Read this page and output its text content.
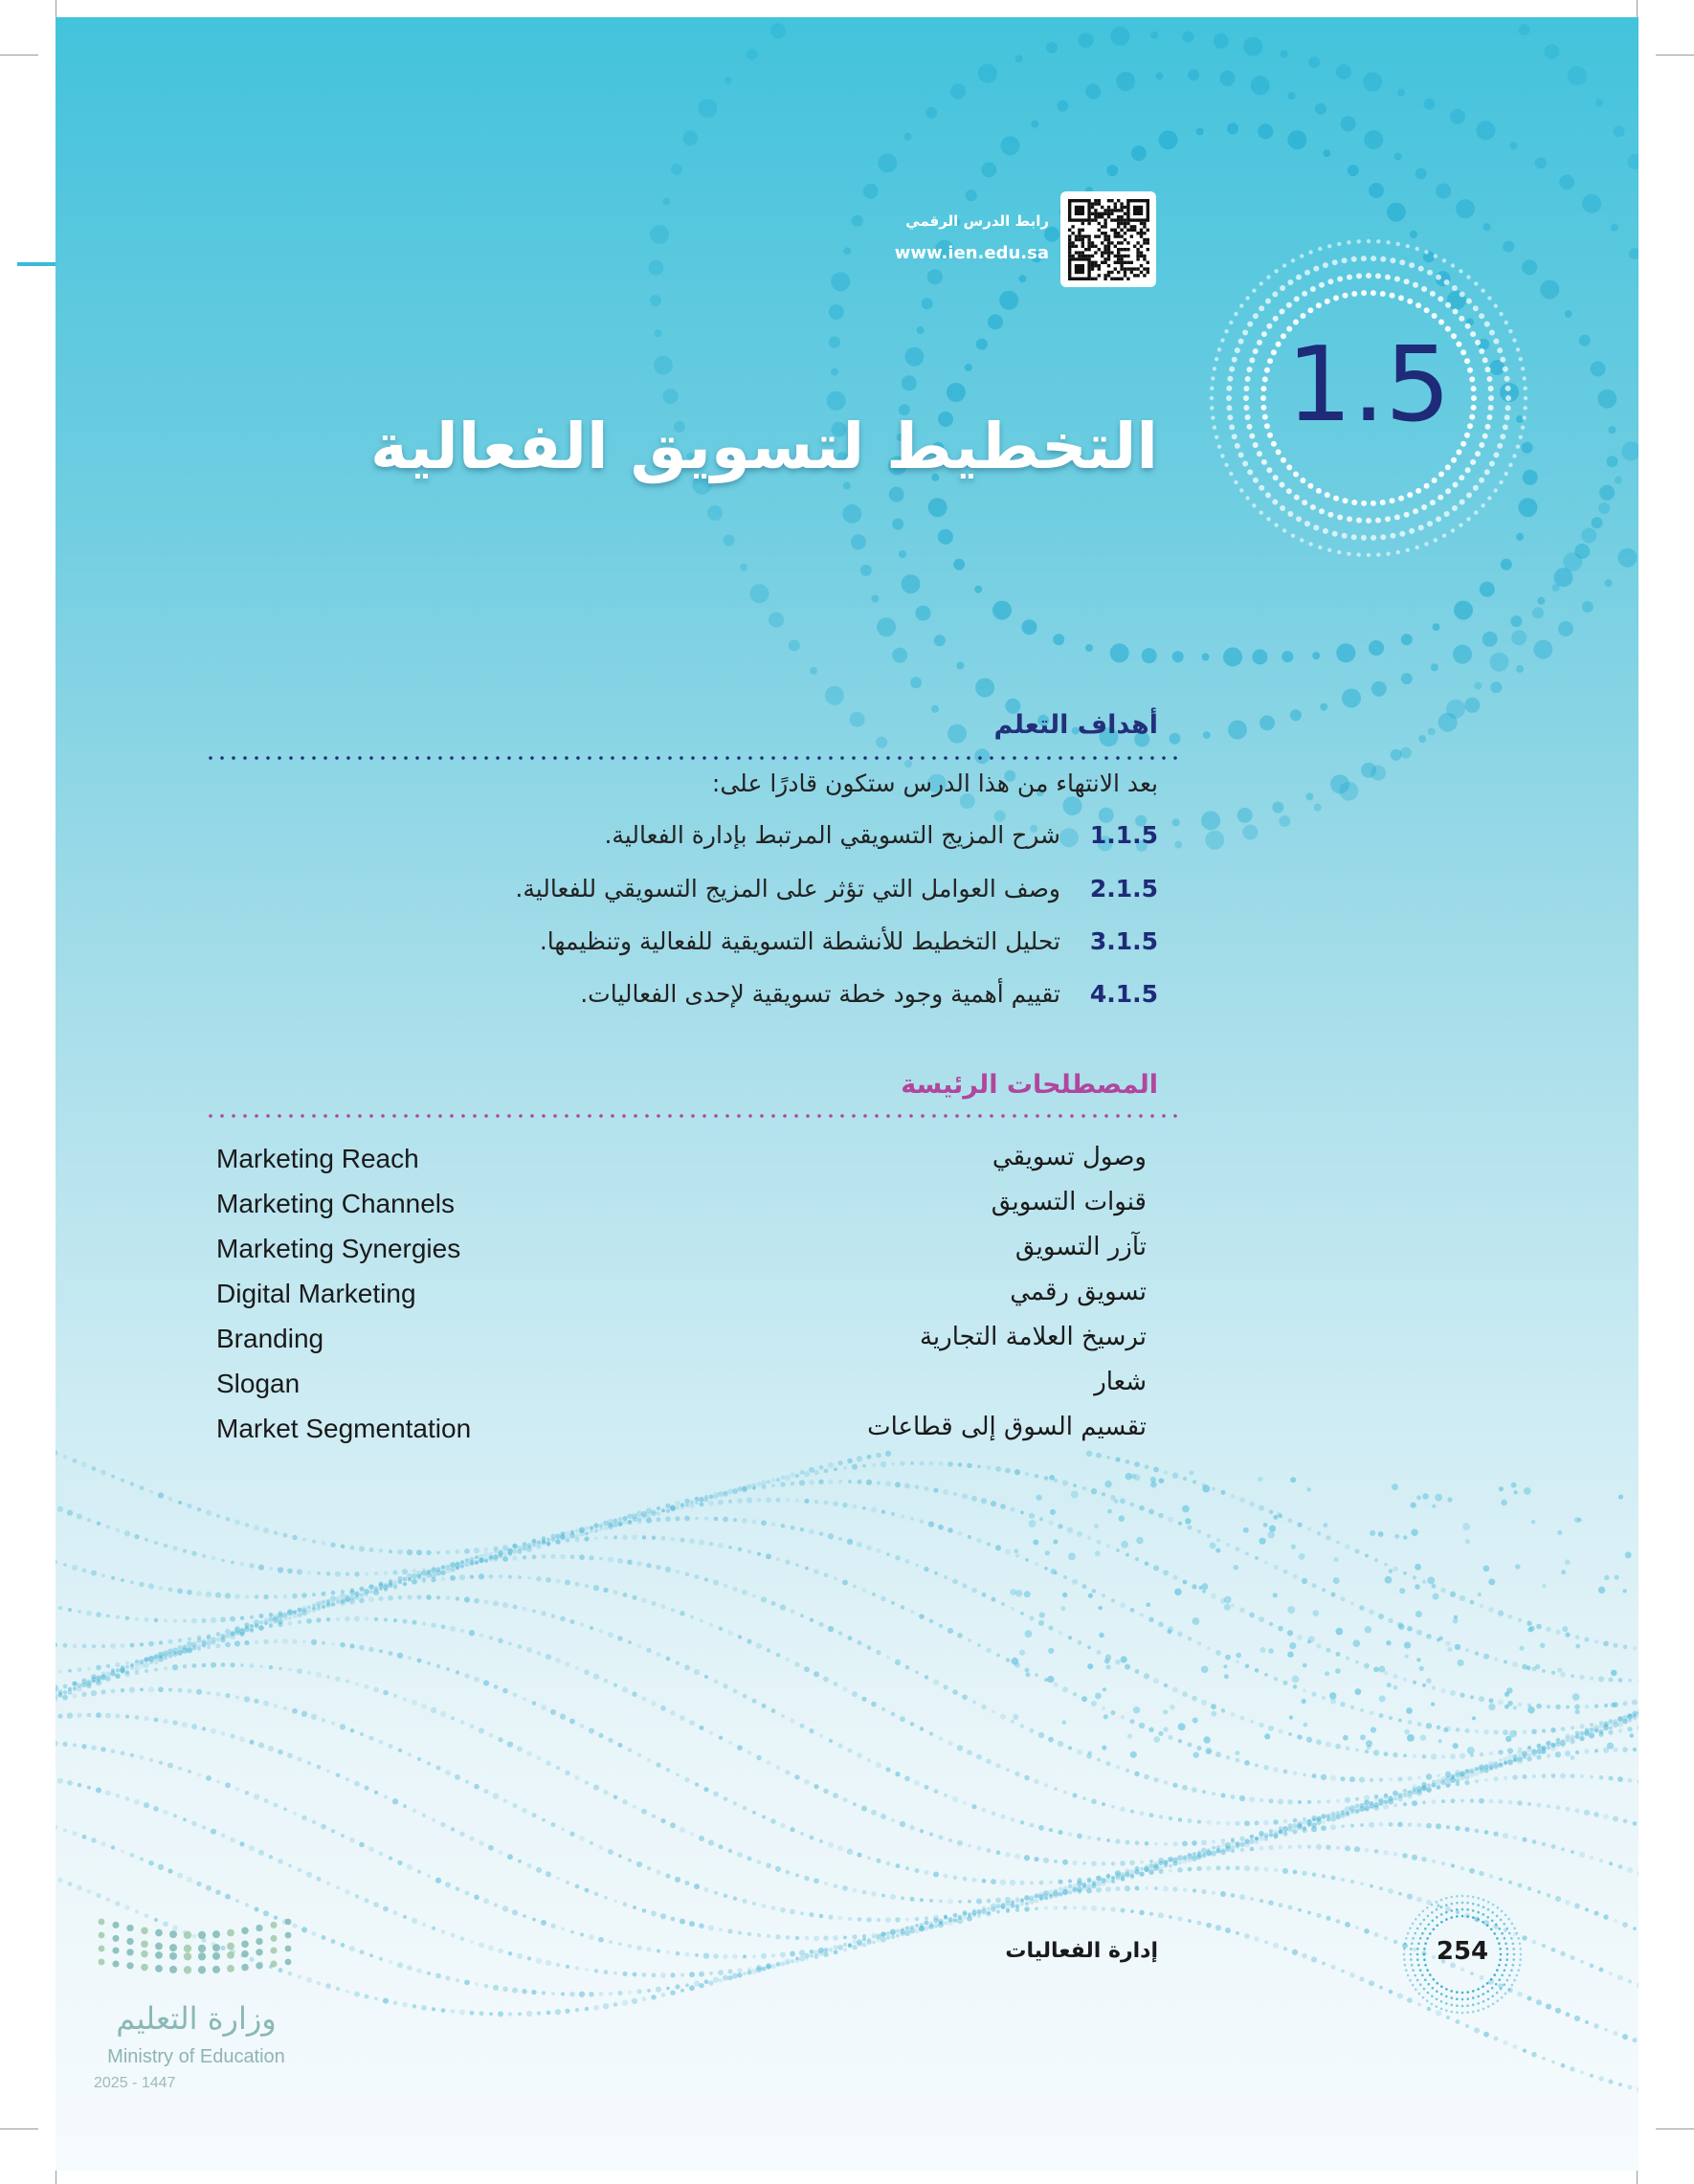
رابط الدرس الرقمي
www.ien.edu.sa
1.5
التخطيط لتسويق الفعالية
أهداف التعلم
بعد الانتهاء من هذا الدرس ستكون قادرًا على:
1.1.5
شرح المزيج التسويقي المرتبط بإدارة الفعالية.
2.1.5
وصف العوامل التي تؤثر على المزيج التسويقي للفعالية.
3.1.5
تحليل التخطيط للأنشطة التسويقية للفعالية وتنظيمها.
4.1.5
تقييم أهمية وجود خطة تسويقية لإحدى الفعاليات.
المصطلحات الرئيسة
وصول تسويقي
Marketing Reach
قنوات التسويق
Marketing Channels
تآزر التسويق
Marketing Synergies
تسويق رقمي
Digital Marketing
ترسيخ العلامة التجارية
Branding
شعار
Slogan
تقسيم السوق إلى قطاعات
Market Segmentation
إدارة الفعاليات	254
وزارة التعليم
Ministry of Education
2025 - 1447
